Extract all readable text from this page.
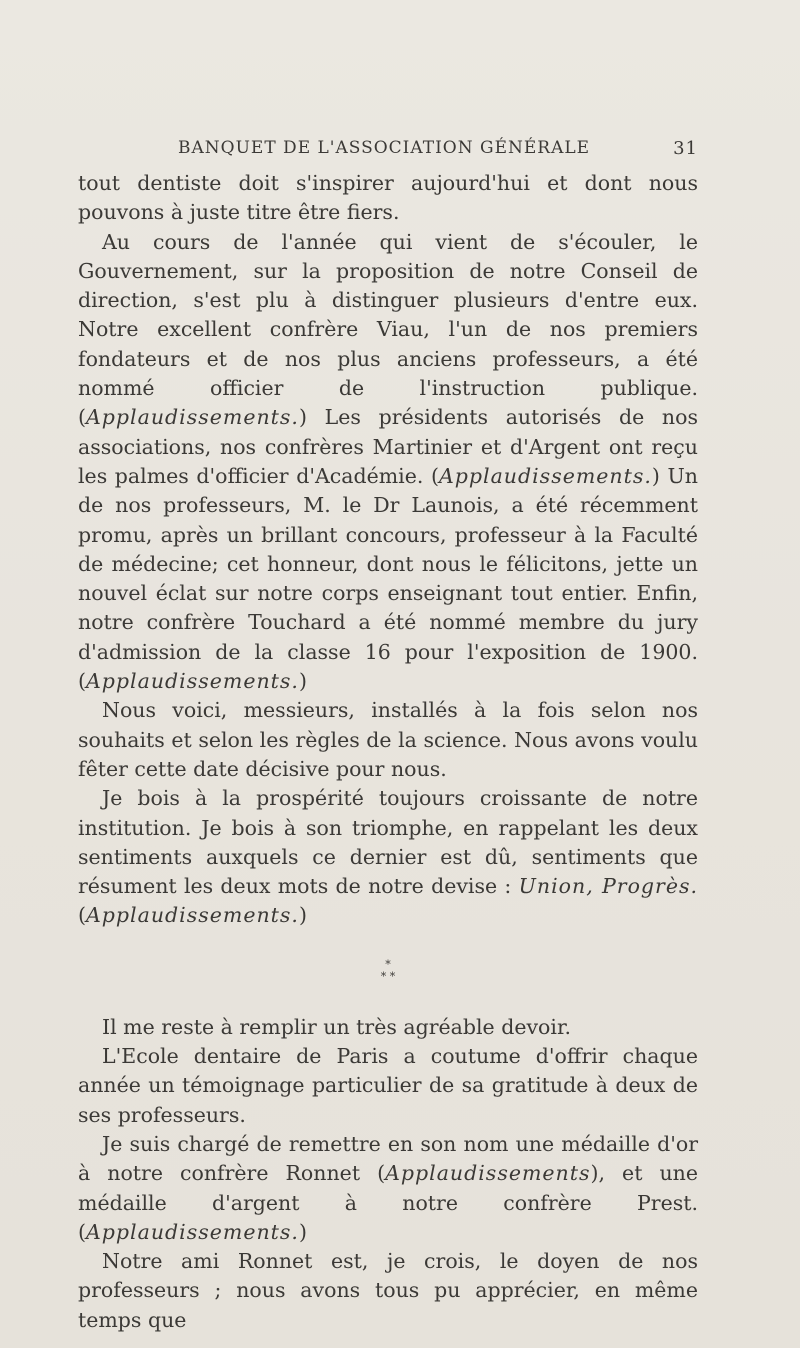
BANQUET DE L'ASSOCIATION GÉNÉRALE	31

tout dentiste doit s'inspirer aujourd'hui et dont nous pouvons à juste titre être fiers.

Au cours de l'année qui vient de s'écouler, le Gouvernement, sur la proposition de notre Conseil de direction, s'est plu à distinguer plusieurs d'entre eux. Notre excellent confrère Viau, l'un de nos premiers fondateurs et de nos plus anciens professeurs, a été nommé officier de l'instruction publique. (Applaudissements.) Les présidents autorisés de nos associations, nos confrères Martinier et d'Argent ont reçu les palmes d'officier d'Académie. (Applaudissements.) Un de nos professeurs, M. le Dr Launois, a été récemment promu, après un brillant concours, professeur à la Faculté de médecine; cet honneur, dont nous le félicitons, jette un nouvel éclat sur notre corps enseignant tout entier. Enfin, notre confrère Touchard a été nommé membre du jury d'admission de la classe 16 pour l'exposition de 1900. (Applaudissements.)

Nous voici, messieurs, installés à la fois selon nos souhaits et selon les règles de la science. Nous avons voulu fêter cette date décisive pour nous.

Je bois à la prospérité toujours croissante de notre institution. Je bois à son triomphe, en rappelant les deux sentiments auxquels ce dernier est dû, sentiments que résument les deux mots de notre devise : Union, Progrès. (Applaudissements.)

*
* *

Il me reste à remplir un très agréable devoir.

L'Ecole dentaire de Paris a coutume d'offrir chaque année un témoignage particulier de sa gratitude à deux de ses professeurs.

Je suis chargé de remettre en son nom une médaille d'or à notre confrère Ronnet (Applaudissements), et une médaille d'argent à notre confrère Prest. (Applaudissements.)

Notre ami Ronnet est, je crois, le doyen de nos professeurs ; nous avons tous pu apprécier, en même temps que
